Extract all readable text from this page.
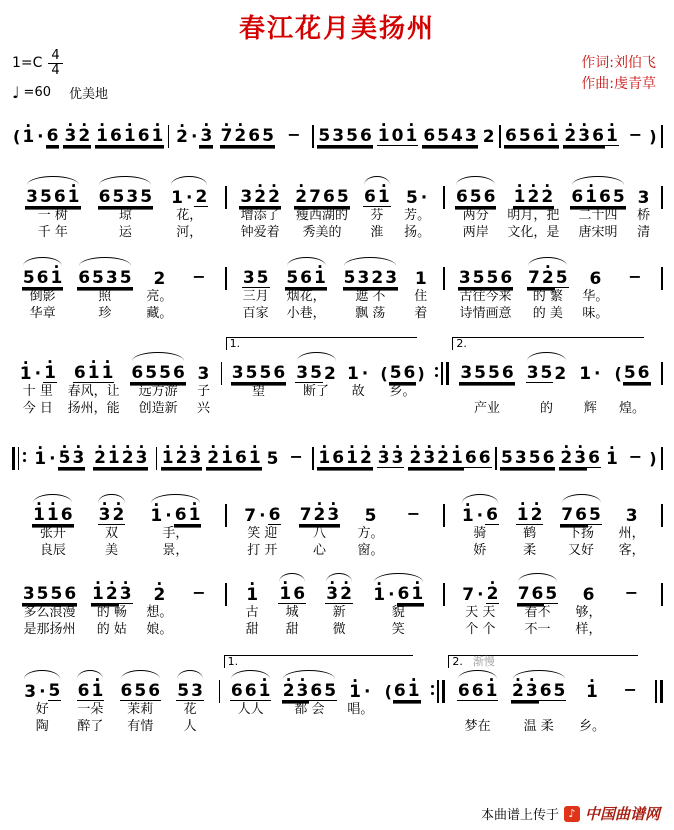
春江花月美扬州
$1=C \frac{4}{4}$
♩ =60 优美地
作词:刘伯飞
作曲:虔青草
( · 1 · 6 · 3 · 2 · 1 6 · 1 6 · 1 · 2 · · 3 · 7 · 2 6 5 −	5 3 5 6 · 1 0 · 1 6 5 4 3 2 6 5 6 · 1 · 2 · 3 6 · 1 − )
3 5 6 · 1
一 树
千 年
6 5 3 5
琼
运
1 · 2
花，
河，
3 · 2 · 2
增添了
钟爱着
· 2 7 6 5
瘦西湖的
秀美的
6 · 1
芬
淮
5 ·
芳。
扬。
6 5 6
两分
两岸
· 1 · 2 · 2
明月，把
文化，是
6 · 1 6 5
二十四
唐宋明
3
桥
清
5 6 · 1
倒影
华章
6 5 3 5
照
珍
2
亮。
藏。
−	3 5
三月
百家
5 6 · 1
烟花，
小巷，
5 3 2 3
遮 不
飘 荡
1
住
着
3 5 5 6
古往今来
诗情画意
7 · 2 5
的 繁
的 美
6
华。
味。
−
· 1 · · 1
十 里
今 日
6 · 1 · 1
春风，让
扬州，能
6 5 5 6
远方游
创造新
3
子
兴
1.
3 5 5 6
望
3 5 2
断了
1 ·
故
( 5 6 )
乡。
2.
3 5 5 6
产业
3 5 2
的
1 ·
辉
( 5 6
煌。
· 1 · · 5 · 3 · 2 · 1 · 2 · 3 · 1 · 2 · 3 · 2 · 1 6 · 1 5 − · 1 6 · 1 · 2 · 3 · 3 · 2 · 3 · 2 · 1 6 6 5 3 5 6 · 2 · 3 6 · 1 − )
· 1 · 1 6
张开
良辰
· 3 · 2
双
美
· 1 · 6 · 1
手，
景，
7 · 6
笑 迎
打 开
7 · 2 · 3
八
心
5
方。
窗。
−	· 1 · 6
骑
娇
· 1 · 2
鹤
柔
7 6 5
下扬
又好
3
州，
客，
3 5 5 6
多么浪漫
是那扬州
· 1 · 2 · 3
的 畅
的 姑
· 2
想。
娘。
−	· 1
古
甜
· 1 6
城
甜
· 3 · 2
新
微
· 1 · 6 · 1
貌
笑
7 · · 2
天 天
个 个
7 6 5
看不
不一
6
够，
样，
−
3 · 5
好
陶
6 · 1
一朵
醉了
6 5 6
茉莉
有情
5 3
花
人
1.
6 6 · 1
人人
· 2 · 3 6 5
都 会
· 1 ·
唱。
( 6 · 1
2. 渐慢
6 6 · 1
梦在
· 2 · 3 6 5
温 柔
· 1
乡。
−
本曲谱上传于 ♪ 中国曲谱网
